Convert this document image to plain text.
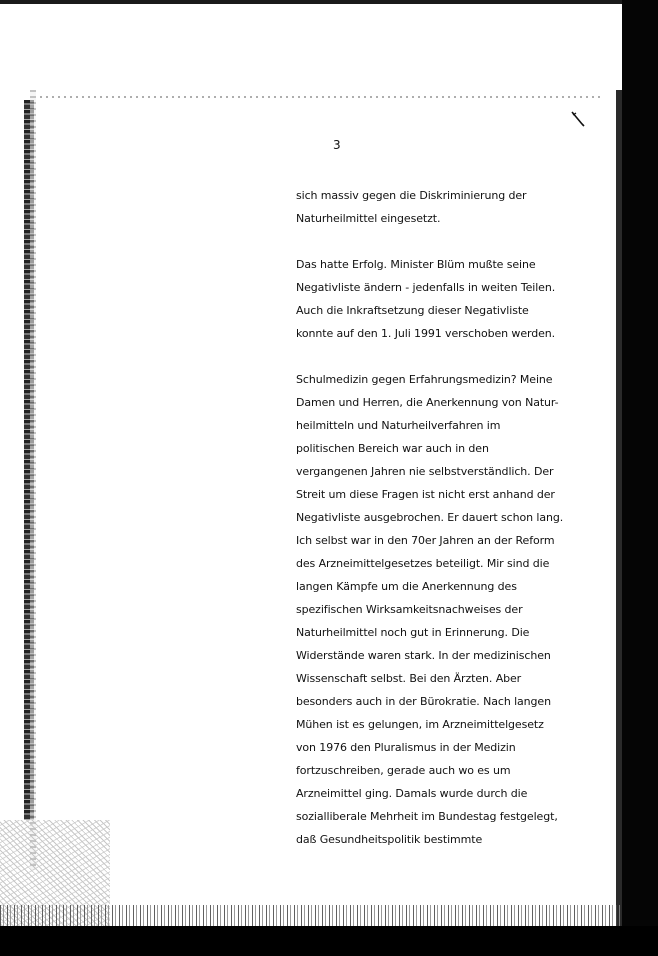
3
sich massiv gegen die Diskriminierung der
Naturheilmittel eingesetzt.
Das hatte Erfolg. Minister Blüm mußte seine
Negativliste ändern - jedenfalls in weiten Teilen.
Auch die Inkraftsetzung dieser Negativliste
konnte auf den 1. Juli 1991 verschoben werden.
Schulmedizin gegen Erfahrungsmedizin? Meine
Damen und Herren, die Anerkennung von Natur-
heilmitteln und Naturheilverfahren im
politischen Bereich war auch in den
vergangenen Jahren nie selbstverständlich. Der
Streit um diese Fragen ist nicht erst anhand der
Negativliste ausgebrochen. Er dauert schon lang.
Ich selbst war in den 70er Jahren an der Reform
des Arzneimittelgesetzes beteiligt. Mir sind die
langen Kämpfe um die Anerkennung des
spezifischen Wirksamkeitsnachweises der
Naturheilmittel noch gut in Erinnerung. Die
Widerstände waren stark. In der medizinischen
Wissenschaft selbst. Bei den Ärzten. Aber
besonders auch in der Bürokratie. Nach langen
Mühen ist es gelungen, im Arzneimittelgesetz
von 1976 den Pluralismus in der Medizin
fortzuschreiben, gerade auch wo es um
Arzneimittel ging. Damals wurde durch die
sozialliberale Mehrheit im Bundestag festgelegt,
daß Gesundheitspolitik bestimmte
